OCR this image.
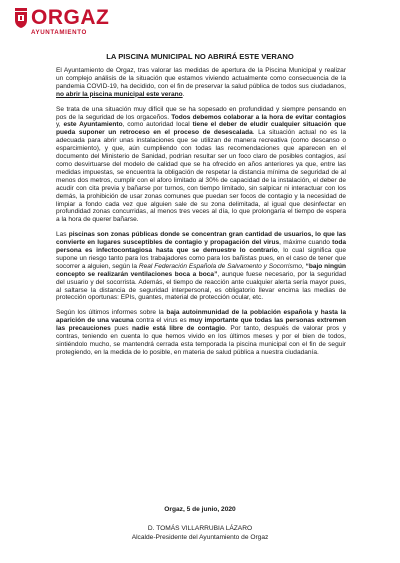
ORGAZ
AYUNTAMIENTO
LA PISCINA MUNICIPAL NO ABRIRÁ ESTE VERANO

El Ayuntamiento de Orgaz, tras valorar las medidas de apertura de la Piscina Municipal y realizar un complejo análisis de la situación que estamos viviendo actualmente como consecuencia de la pandemia COVID-19, ha decidido, con el fin de preservar la salud pública de todos sus ciudadanos, no abrir la piscina municipal este verano.

Se trata de una situación muy difícil que se ha sopesado en profundidad y siempre pensando en pos de la seguridad de los orgaceños. Todos debemos colaborar a la hora de evitar contagios y, este Ayuntamiento, como autoridad local tiene el deber de eludir cualquier situación que pueda suponer un retroceso en el proceso de desescalada. La situación actual no es la adecuada para abrir unas instalaciones que se utilizan de manera recreativa (como descanso o esparcimiento), y que, aún cumpliendo con todas las recomendaciones que aparecen en el documento del Ministerio de Sanidad, podrían resultar ser un foco claro de posibles contagios, así como desvirtuarse del modelo de calidad que se ha ofrecido en años anteriores ya que, entre las medidas impuestas, se encuentra la obligación de respetar la distancia mínima de seguridad de al menos dos metros, cumplir con el aforo limitado al 30% de capacidad de la instalación, el deber de acudir con cita previa y bañarse por turnos, con tiempo limitado, sin salpicar ni interactuar con los demás, la prohibición de usar zonas comunes que puedan ser focos de contagio y la necesidad de limpiar a fondo cada vez que alguien sale de su zona delimitada, al igual que desinfectar en profundidad zonas concurridas, al menos tres veces al día, lo que prolongaría el tiempo de espera a la hora de querer bañarse.

Las piscinas son zonas públicas donde se concentran gran cantidad de usuarios, lo que las convierte en lugares susceptibles de contagio y propagación del virus, máxime cuando toda persona es infectocontagiosa hasta que se demuestre lo contrario, lo cual significa que supone un riesgo tanto para los trabajadores como para los bañistas pues, en el caso de tener que socorrer a alguien, según la Real Federación Española de Salvamento y Socorrismo, “bajo ningún concepto se realizarán ventilaciones boca a boca”, aunque fuese necesario, por la seguridad del usuario y del socorrista. Además, el tiempo de reacción ante cualquier alerta sería mayor pues, al saltarse la distancia de seguridad interpersonal, es obligatorio llevar encima las medias de protección oportunas: EPIs, guantes, material de protección ocular, etc.

Según los últimos informes sobre la baja autoinmunidad de la población española y hasta la aparición de una vacuna contra el virus es muy importante que todas las personas extremen las precauciones pues nadie está libre de contagio. Por tanto, después de valorar pros y contras, teniendo en cuenta lo que hemos vivido en los últimos meses y por el bien de todos, sintiéndolo mucho, se mantendrá cerrada esta temporada la piscina municipal con el fin de seguir protegiendo, en la medida de lo posible, en materia de salud pública a nuestra ciudadanía.

Orgaz, 5 de junio, 2020
D. TOMÁS VILLARRUBIA LÁZARO
Alcalde-Presidente del Ayuntamiento de Orgaz
